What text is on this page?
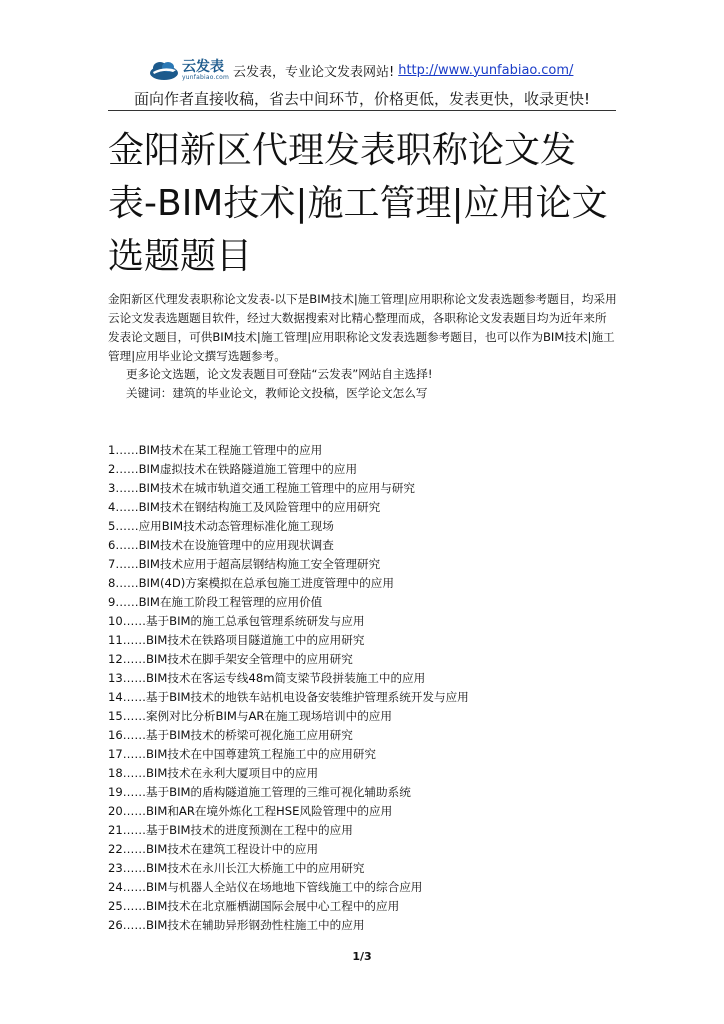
云发表
yunfabiao.com 云发表，专业论文发表网站! http://www.yunfabiao.com/
面向作者直接收稿，省去中间环节，价格更低，发表更快，收录更快!
金阳新区代理发表职称论文发表-BIM技术|施工管理|应用论文选题题目

金阳新区代理发表职称论文发表-以下是BIM技术|施工管理|应用职称论文发表选题参考题目，均采用云论文发表选题题目软件，经过大数据搜索对比精心整理而成，各职称论文发表题目均为近年来所发表论文题目，可供BIM技术|施工管理|应用职称论文发表选题参考题目，也可以作为BIM技术|施工管理|应用毕业论文撰写选题参考。

更多论文选题，论文发表题目可登陆“云发表”网站自主选择!
关键词：建筑的毕业论文，教师论文投稿，医学论文怎么写
1……BIM技术在某工程施工管理中的应用
2……BIM虚拟技术在铁路隧道施工管理中的应用
3……BIM技术在城市轨道交通工程施工管理中的应用与研究
4……BIM技术在钢结构施工及风险管理中的应用研究
5……应用BIM技术动态管理标准化施工现场
6……BIM技术在设施管理中的应用现状调查
7……BIM技术应用于超高层钢结构施工安全管理研究
8……BIM(4D)方案模拟在总承包施工进度管理中的应用
9……BIM在施工阶段工程管理的应用价值
10……基于BIM的施工总承包管理系统研发与应用
11……BIM技术在铁路项目隧道施工中的应用研究
12……BIM技术在脚手架安全管理中的应用研究
13……BIM技术在客运专线48m简支梁节段拼装施工中的应用
14……基于BIM技术的地铁车站机电设备安装维护管理系统开发与应用
15……案例对比分析BIM与AR在施工现场培训中的应用
16……基于BIM技术的桥梁可视化施工应用研究
17……BIM技术在中国尊建筑工程施工中的应用研究
18……BIM技术在永利大厦项目中的应用
19……基于BIM的盾构隧道施工管理的三维可视化辅助系统
20……BIM和AR在境外炼化工程HSE风险管理中的应用
21……基于BIM技术的进度预测在工程中的应用
22……BIM技术在建筑工程设计中的应用
23……BIM技术在永川长江大桥施工中的应用研究
24……BIM与机器人全站仪在场地地下管线施工中的综合应用
25……BIM技术在北京雁栖湖国际会展中心工程中的应用
26……BIM技术在辅助异形钢劲性柱施工中的应用
1/3
